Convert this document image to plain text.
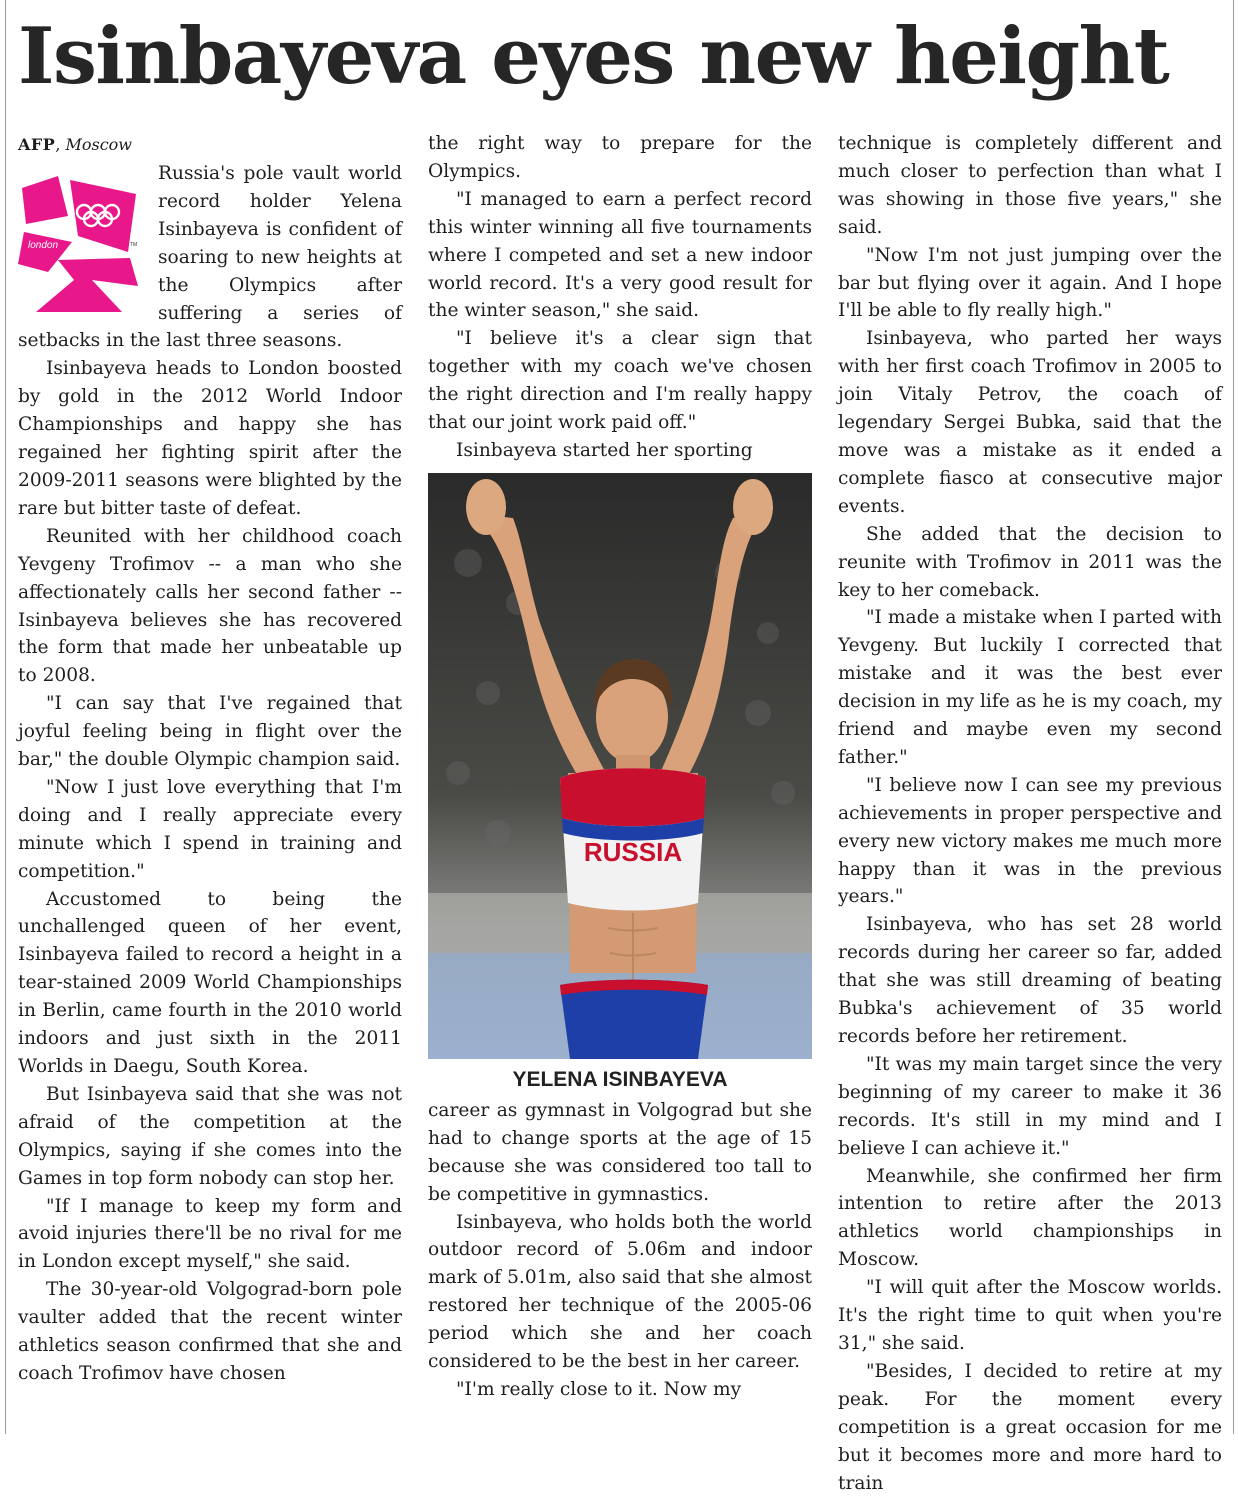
Isinbayeva eyes new height
AFP, Moscow
london	TM

Russia's pole vault world record holder Yelena Isinbayeva is confident of soaring to new heights at the Olympics after suffering a series of setbacks in the last three seasons.

Isinbayeva heads to London boosted by gold in the 2012 World Indoor Championships and happy she has regained her fighting spirit after the 2009-2011 seasons were blighted by the rare but bitter taste of defeat.

Reunited with her childhood coach Yevgeny Trofimov -- a man who she affectionately calls her second father -- Isinbayeva believes she has recovered the form that made her unbeatable up to 2008.

"I can say that I've regained that joyful feeling being in flight over the bar," the double Olympic champion said.

"Now I just love everything that I'm doing and I really appreciate every minute which I spend in training and competition."

Accustomed to being the unchallenged queen of her event, Isinbayeva failed to record a height in a tear-stained 2009 World Championships in Berlin, came fourth in the 2010 world indoors and just sixth in the 2011 Worlds in Daegu, South Korea.

But Isinbayeva said that she was not afraid of the competition at the Olympics, saying if she comes into the Games in top form nobody can stop her.

"If I manage to keep my form and avoid injuries there'll be no rival for me in London except myself," she said.

The 30-year-old Volgograd-born pole vaulter added that the recent winter athletics season confirmed that she and coach Trofimov have chosen

the right way to prepare for the Olympics.

"I managed to earn a perfect record this winter winning all five tournaments where I competed and set a new indoor world record. It's a very good result for the winter season," she said.

"I believe it's a clear sign that together with my coach we've chosen the right direction and I'm really happy that our joint work paid off."

Isinbayeva started her sporting

RUSSIA
YELENA ISINBAYEVA

career as gymnast in Volgograd but she had to change sports at the age of 15 because she was considered too tall to be competitive in gymnastics.

Isinbayeva, who holds both the world outdoor record of 5.06m and indoor mark of 5.01m, also said that she almost restored her technique of the 2005-06 period which she and her coach considered to be the best in her career.

"I'm really close to it. Now my

technique is completely different and much closer to perfection than what I was showing in those five years," she said.

"Now I'm not just jumping over the bar but flying over it again. And I hope I'll be able to fly really high."

Isinbayeva, who parted her ways with her first coach Trofimov in 2005 to join Vitaly Petrov, the coach of legendary Sergei Bubka, said that the move was a mistake as it ended a complete fiasco at consecutive major events.

She added that the decision to reunite with Trofimov in 2011 was the key to her comeback.

"I made a mistake when I parted with Yevgeny. But luckily I corrected that mistake and it was the best ever decision in my life as he is my coach, my friend and maybe even my second father."

"I believe now I can see my previous achievements in proper perspective and every new victory makes me much more happy than it was in the previous years."

Isinbayeva, who has set 28 world records during her career so far, added that she was still dreaming of beating Bubka's achievement of 35 world records before her retirement.

"It was my main target since the very beginning of my career to make it 36 records. It's still in my mind and I believe I can achieve it."

Meanwhile, she confirmed her firm intention to retire after the 2013 athletics world championships in Moscow.

"I will quit after the Moscow worlds. It's the right time to quit when you're 31," she said.

"Besides, I decided to retire at my peak. For the moment every competition is a great occasion for me but it becomes more and more hard to train
